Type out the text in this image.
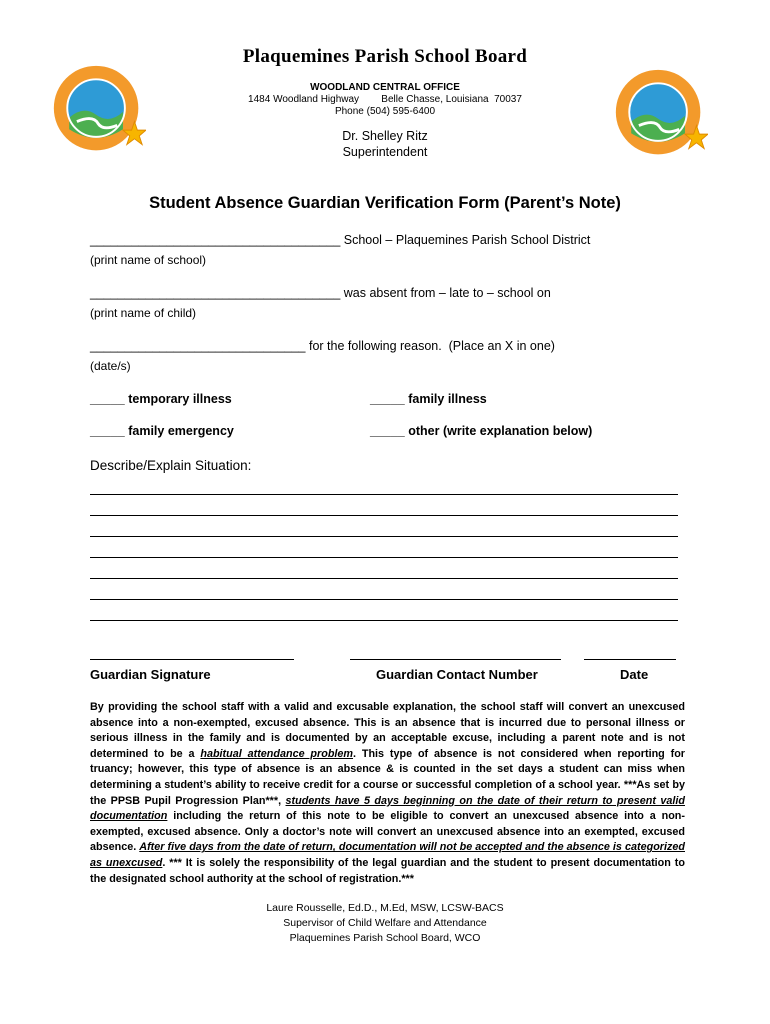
Plaquemines Parish School Board
WOODLAND CENTRAL OFFICE
1484 Woodland Highway        Belle Chasse, Louisiana  70037
Phone (504) 595-6400
Dr. Shelley Ritz
Superintendent
Student Absence Guardian Verification Form (Parent’s Note)
____________________________________ School – Plaquemines Parish School District
(print name of school)
____________________________________ was absent from – late to – school on
(print name of child)
_______________________________ for the following reason.  (Place an X in one)
(date/s)
_____ temporary illness	_____ family illness
_____ family emergency	_____ other (write explanation below)
Describe/Explain Situation:
Guardian Signature	Guardian Contact Number	Date
By providing the school staff with a valid and excusable explanation, the school staff will convert an unexcused absence into a non-exempted, excused absence. This is an absence that is incurred due to personal illness or serious illness in the family and is documented by an acceptable excuse, including a parent note and is not determined to be a habitual attendance problem. This type of absence is not considered when reporting for truancy; however, this type of absence is an absence & is counted in the set days a student can miss when determining a student’s ability to receive credit for a course or successful completion of a school year. ***As set by the PPSB Pupil Progression Plan***, students have 5 days beginning on the date of their return to present valid documentation including the return of this note to be eligible to convert an unexcused absence into a non-exempted, excused absence. Only a doctor’s note will convert an unexcused absence into an exempted, excused absence. After five days from the date of return, documentation will not be accepted and the absence is categorized as unexcused. *** It is solely the responsibility of the legal guardian and the student to present documentation to the designated school authority at the school of registration.***
Laure Rousselle, Ed.D., M.Ed, MSW, LCSW-BACS
Supervisor of Child Welfare and Attendance
Plaquemines Parish School Board, WCO
